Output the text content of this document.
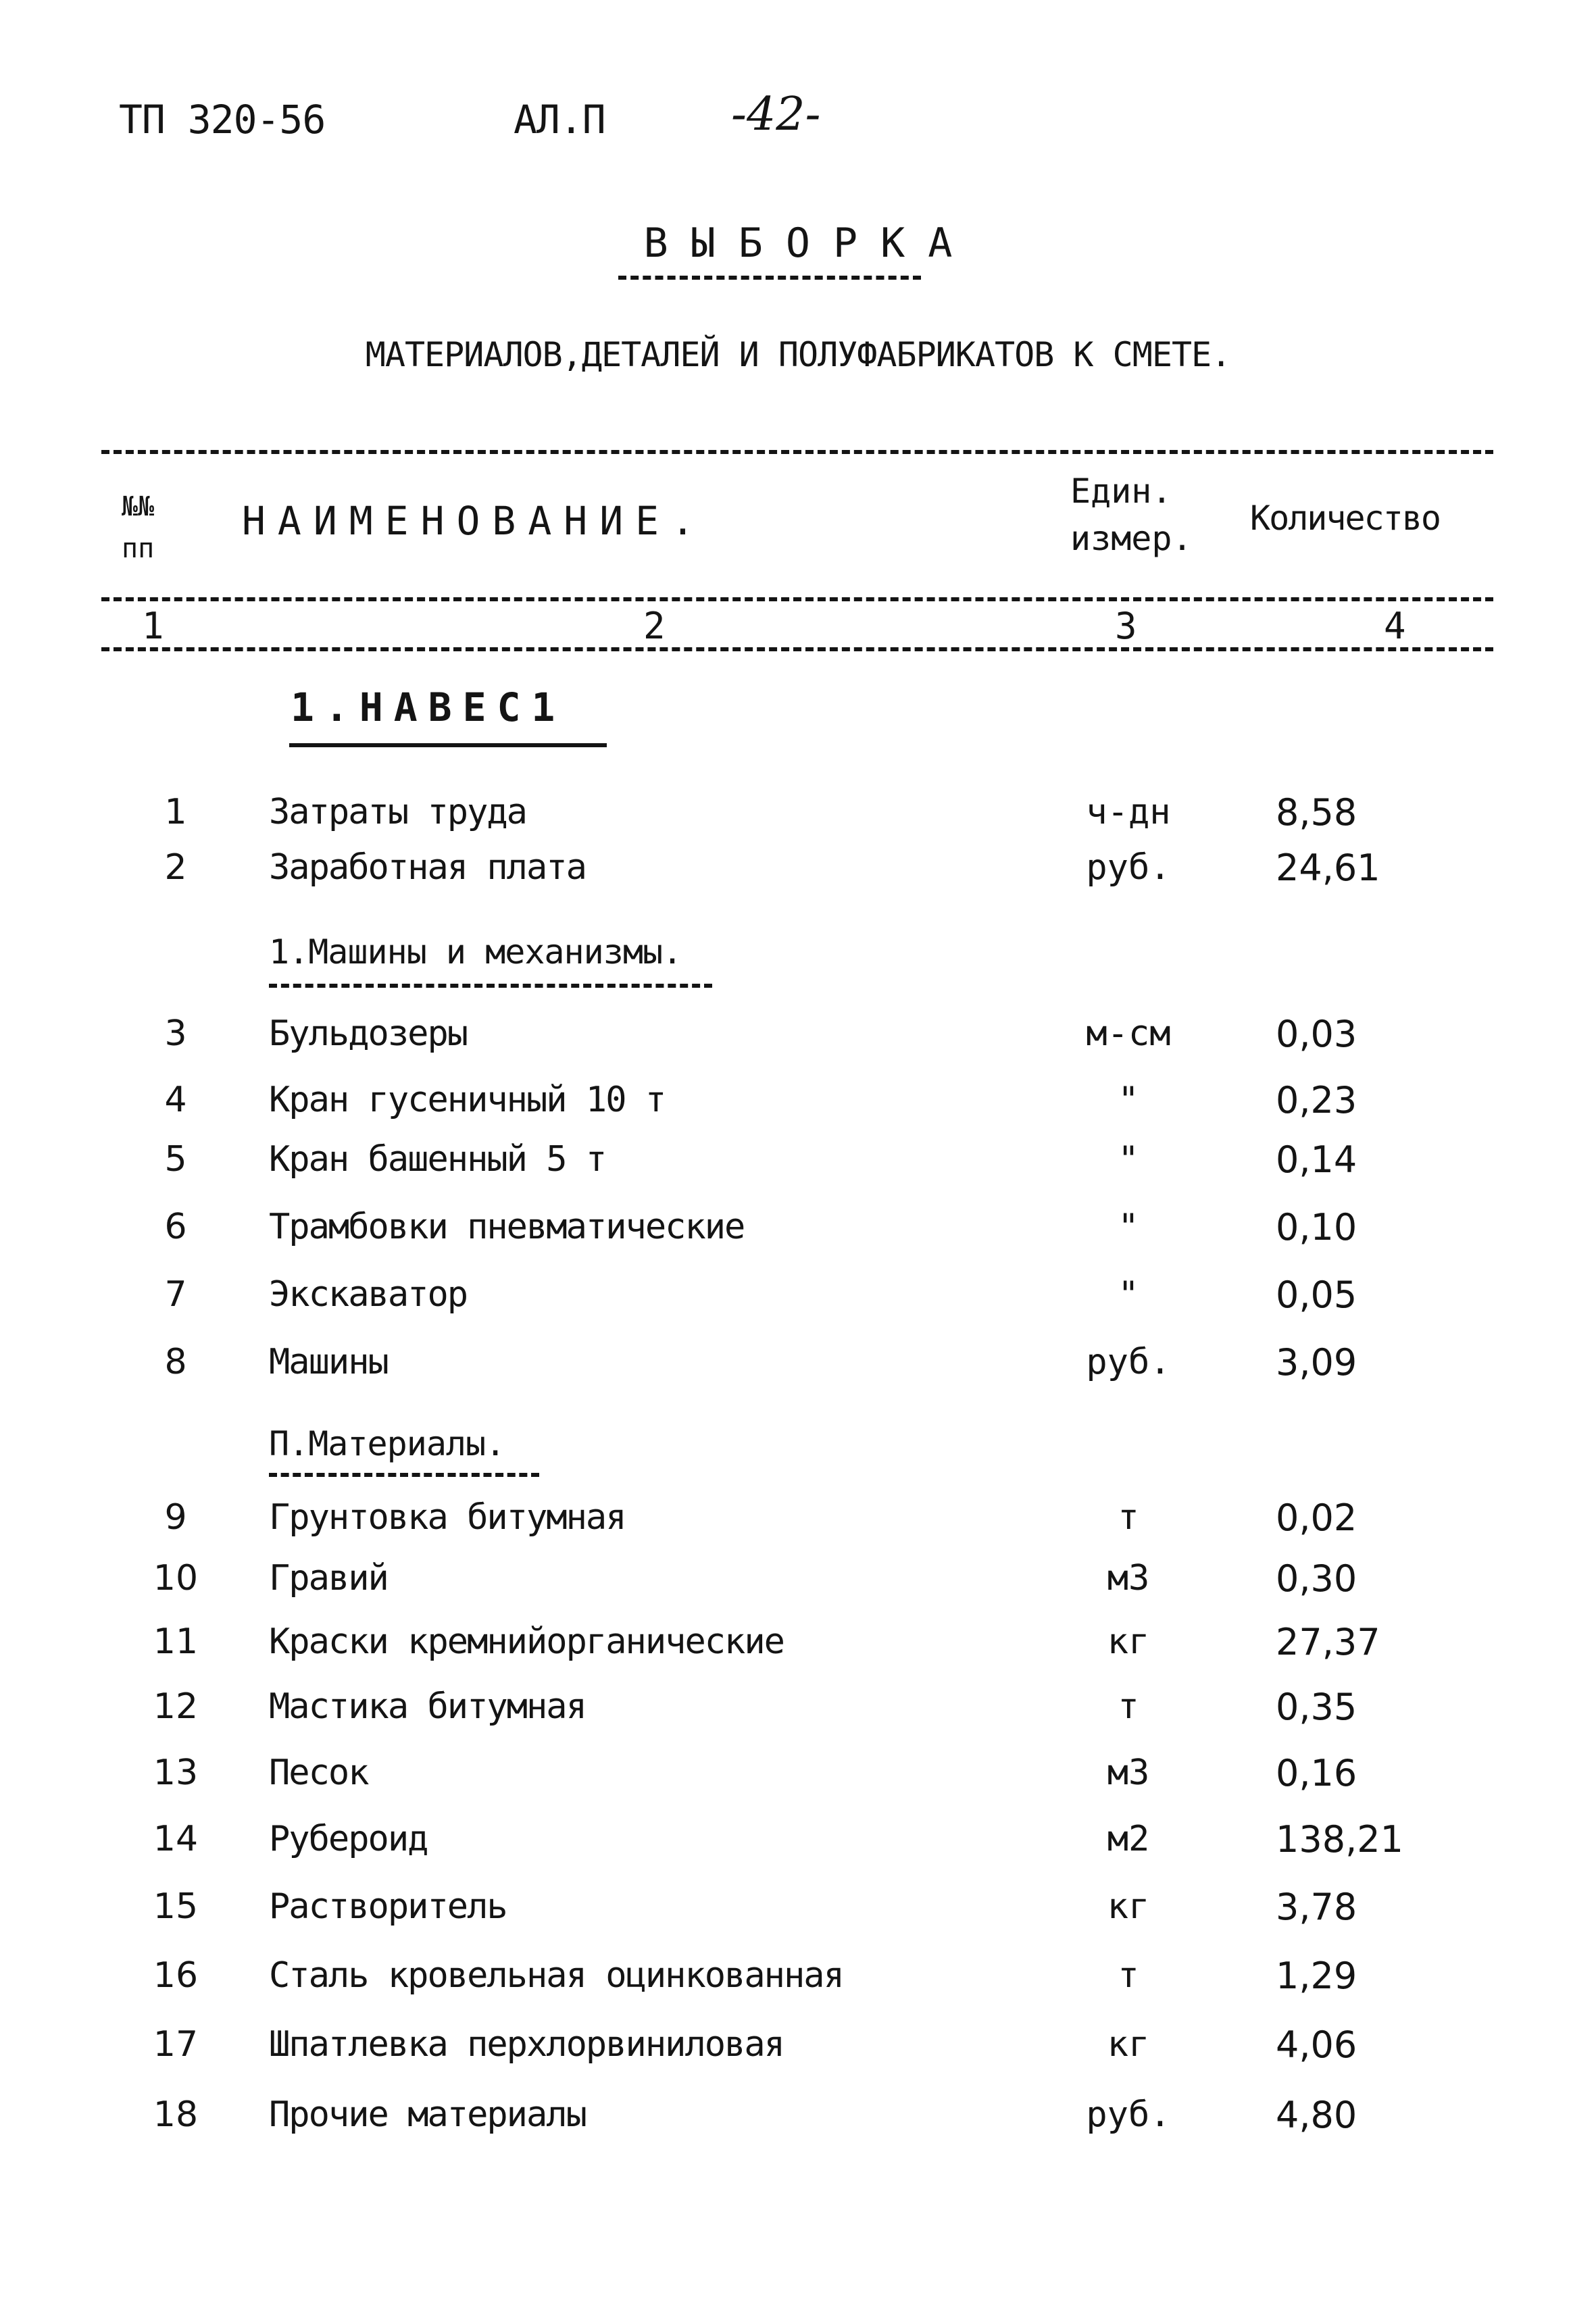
ТП 320-56	АЛ.П	-42-
ВЫБОРКА
МАТЕРИАЛОВ,ДЕТАЛЕЙ И ПОЛУФАБРИКАТОВ К СМЕТЕ.
№№
пп
НАИМЕНОВАНИЕ.
Един.
измер.
Количество
1	2	3	4
1.НАВЕС1
1	Затраты труда	ч-дн	8,58
2	Заработная плата	руб.	24,61
1.Машины и механизмы.
3	Бульдозеры	м-см	0,03
4	Кран гусеничный 10 т	"	0,23
5	Кран башенный 5 т	"	0,14
6	Трамбовки пневматические	"	0,10
7	Экскаватор	"	0,05
8	Машины	руб.	3,09
П.Материалы.
9	Грунтовка битумная	т	0,02
10	Гравий	м3	0,30
11	Краски кремнийорганические	кг	27,37
12	Мастика битумная	т	0,35
13	Песок	м3	0,16
14	Рубероид	м2	138,21
15	Растворитель	кг	3,78
16	Сталь кровельная оцинкованная	т	1,29
17	Шпатлевка перхлорвиниловая	кг	4,06
18	Прочие материалы	руб.	4,80
